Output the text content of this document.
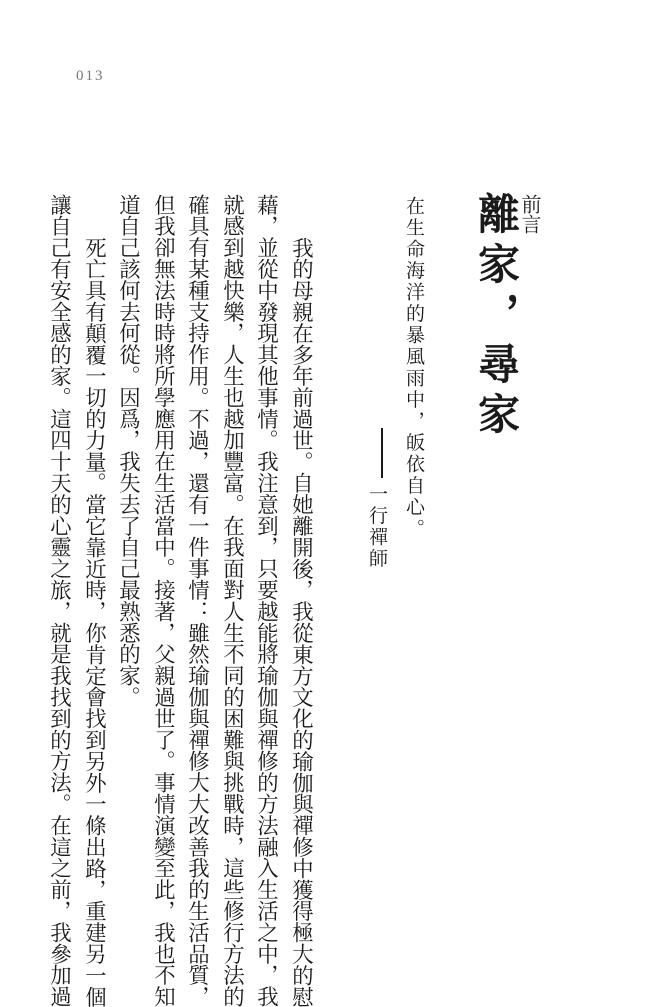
013
前言
離家，尋家
在生命海洋的暴風雨中，皈依自心。
一行禪師
我的母親在多年前過世。自她離開後，我從東方文化的瑜伽與禪修中獲得極大的慰
藉，並從中發現其他事情。我注意到，只要越能將瑜伽與禪修的方法融入生活之中，我
就感到越快樂，人生也越加豐富。在我面對人生不同的困難與挑戰時，這些修行方法的
確具有某種支持作用。不過，還有一件事情：雖然瑜伽與禪修大大改善我的生活品質，
但我卻無法時時將所學應用在生活當中。接著，父親過世了。事情演變至此，我也不知
道自己該何去何從。因爲，我失去了自己最熟悉的家。
死亡具有顛覆一切的力量。當它靠近時，你肯定會找到另外一條出路，重建另一個
讓自己有安全感的家。這四十天的心靈之旅，就是我找到的方法。在這之前，我參加過
